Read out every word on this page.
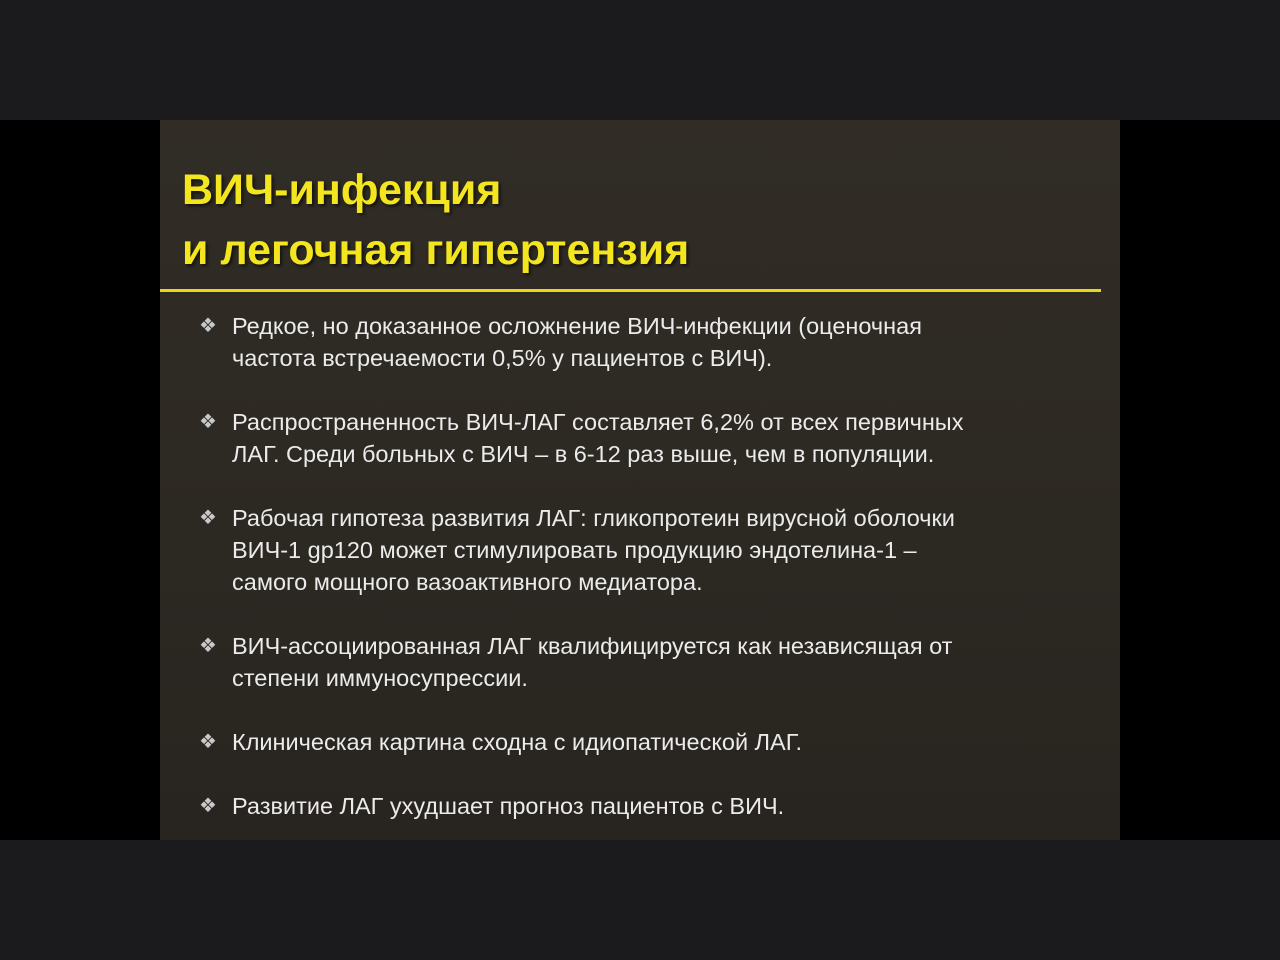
ВИЧ-инфекция
и легочная гипертензия
❖ Редкое, но доказанное осложнение ВИЧ-инфекции (оценочная
частота встречаемости 0,5% у пациентов с ВИЧ).
❖ Распространенность ВИЧ-ЛАГ составляет 6,2% от всех первичных
ЛАГ. Среди больных с ВИЧ – в 6-12 раз выше, чем в популяции.
❖ Рабочая гипотеза развития ЛАГ: гликопротеин вирусной оболочки
ВИЧ-1 gp120 может стимулировать продукцию эндотелина-1 –
самого мощного вазоактивного медиатора.
❖ ВИЧ-ассоциированная ЛАГ квалифицируется как независящая от
степени иммуносупрессии.
❖ Клиническая картина сходна с идиопатической ЛАГ.
❖ Развитие ЛАГ ухудшает прогноз пациентов с ВИЧ.
